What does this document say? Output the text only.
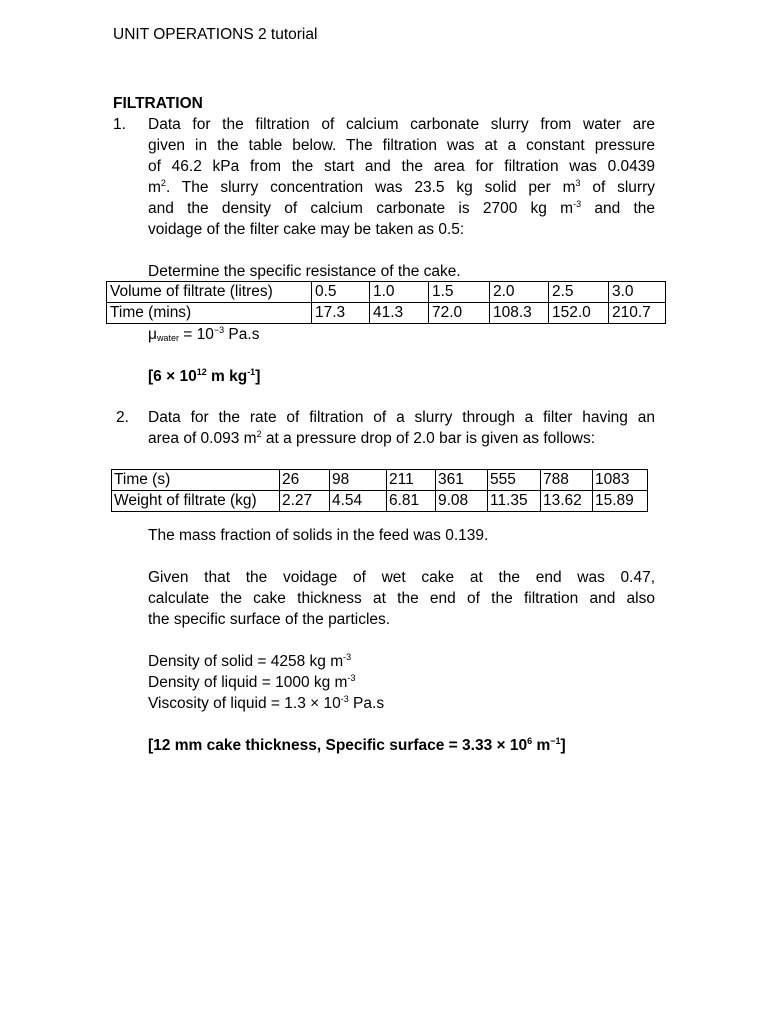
UNIT OPERATIONS 2 tutorial
FILTRATION
1. Data for the filtration of calcium carbonate slurry from water are
given in the table below. The filtration was at a constant pressure
of 46.2 kPa from the start and the area for filtration was 0.0439
$m^2$. The slurry concentration was 23.5 kg solid per $m^3$ of slurry
and the density of calcium carbonate is 2700 kg $m^{-3}$ and the
voidage of the filter cake may be taken as 0.5:
Determine the specific resistance of the cake.
Volume of filtrate (litres)	0.5	1.0	1.5	2.0	2.5	3.0
Time (mins)	17.3	41.3	72.0	108.3	152.0	210.7
$\mu_{water} = 10^{-3}$ Pa.s
[$6 \times 10^{12}$ m $kg^{-1}$]
2. Data for the rate of filtration of a slurry through a filter having an
area of 0.093 $m^2$ at a pressure drop of 2.0 bar is given as follows:
Time (s)	26	98	211	361	555	788	1083
Weight of filtrate (kg)	2.27	4.54	6.81	9.08	11.35	13.62	15.89
The mass fraction of solids in the feed was 0.139.
Given that the voidage of wet cake at the end was 0.47,
calculate the cake thickness at the end of the filtration and also
the specific surface of the particles.
Density of solid = 4258 kg $m^{-3}$
Density of liquid = 1000 kg $m^{-3}$
Viscosity of liquid = $1.3 \times 10^{-3}$ Pa.s
[12 mm cake thickness, Specific surface = $3.33 \times 10^6$ $m^{-1}$]
